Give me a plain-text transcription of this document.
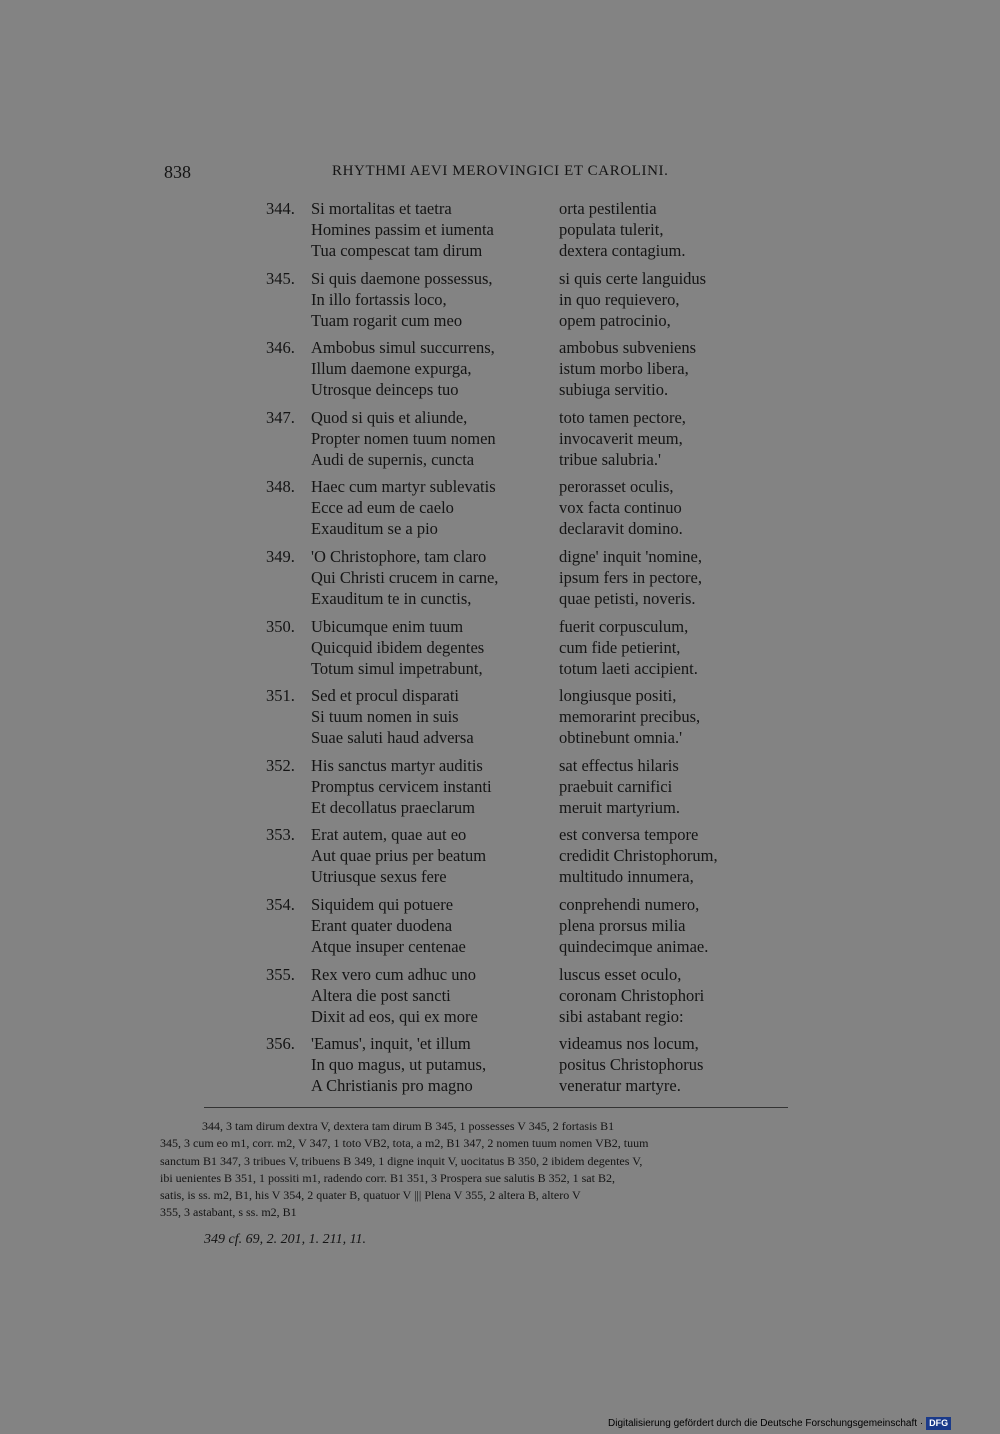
838	RHYTHMI AEVI MEROVINGICI ET CAROLINI.
344. Si mortalitas et taetra	orta pestilentia
Homines passim et iumenta	populata tulerit,
Tua compescat tam dirum	dextera contagium.
345. Si quis daemone possessus,	si quis certe languidus
In illo fortassis loco,	in quo requievero,
Tuam rogarit cum meo	opem patrocinio,
346. Ambobus simul succurrens,	ambobus subveniens
Illum daemone expurga,	istum morbo libera,
Utrosque deinceps tuo	subiuga servitio.
347. Quod si quis et aliunde,	toto tamen pectore,
Propter nomen tuum nomen	invocaverit meum,
Audi de supernis, cuncta	tribue salubria.'
348. Haec cum martyr sublevatis	perorasset oculis,
Ecce ad eum de caelo	vox facta continuo
Exauditum se a pio	declaravit domino.
349. 'O Christophore, tam claro	digne' inquit 'nomine,
Qui Christi crucem in carne,	ipsum fers in pectore,
Exauditum te in cunctis,	quae petisti, noveris.
350. Ubicumque enim tuum	fuerit corpusculum,
Quicquid ibidem degentes	cum fide petierint,
Totum simul impetrabunt,	totum laeti accipient.
351. Sed et procul disparati	longiusque positi,
Si tuum nomen in suis	memorarint precibus,
Suae saluti haud adversa	obtinebunt omnia.'
352. His sanctus martyr auditis	sat effectus hilaris
Promptus cervicem instanti	praebuit carnifici
Et decollatus praeclarum	meruit martyrium.
353. Erat autem, quae aut eo	est conversa tempore
Aut quae prius per beatum	credidit Christophorum,
Utriusque sexus fere	multitudo innumera,
354. Siquidem qui potuere	conprehendi numero,
Erant quater duodena	plena prorsus milia
Atque insuper centenae	quindecimque animae.
355. Rex vero cum adhuc uno	luscus esset oculo,
Altera die post sancti	coronam Christophori
Dixit ad eos, qui ex more	sibi astabant regio:
356. 'Eamus', inquit, 'et illum	videamus nos locum,
In quo magus, ut putamus,	positus Christophorus
A Christianis pro magno	veneratur martyre.
344, 3 tam dirum dextra V, dextera tam dirum B 345, 1 possesses V 345, 2 fortasis B1
345, 3 cum eo m1, corr. m2, V 347, 1 toto VB2, tota, a m2, B1 347, 2 nomen tuum nomen VB2, tuum
sanctum B1 347, 3 tribues V, tribuens B 349, 1 digne inquit V, uocitatus B 350, 2 ibidem degentes V,
ibi uenientes B 351, 1 possiti m1, radendo corr. B1 351, 3 Prospera sue salutis B 352, 1 sat B2,
satis, is ss. m2, B1, his V 354, 2 quater B, quatuor V ||| Plena V 355, 2 altera B, altero V
355, 3 astabant, s ss. m2, B1
349 cf. 69, 2. 201, 1. 211, 11.
Digitalisierung gefördert durch die Deutsche Forschungsgemeinschaft · DFG
